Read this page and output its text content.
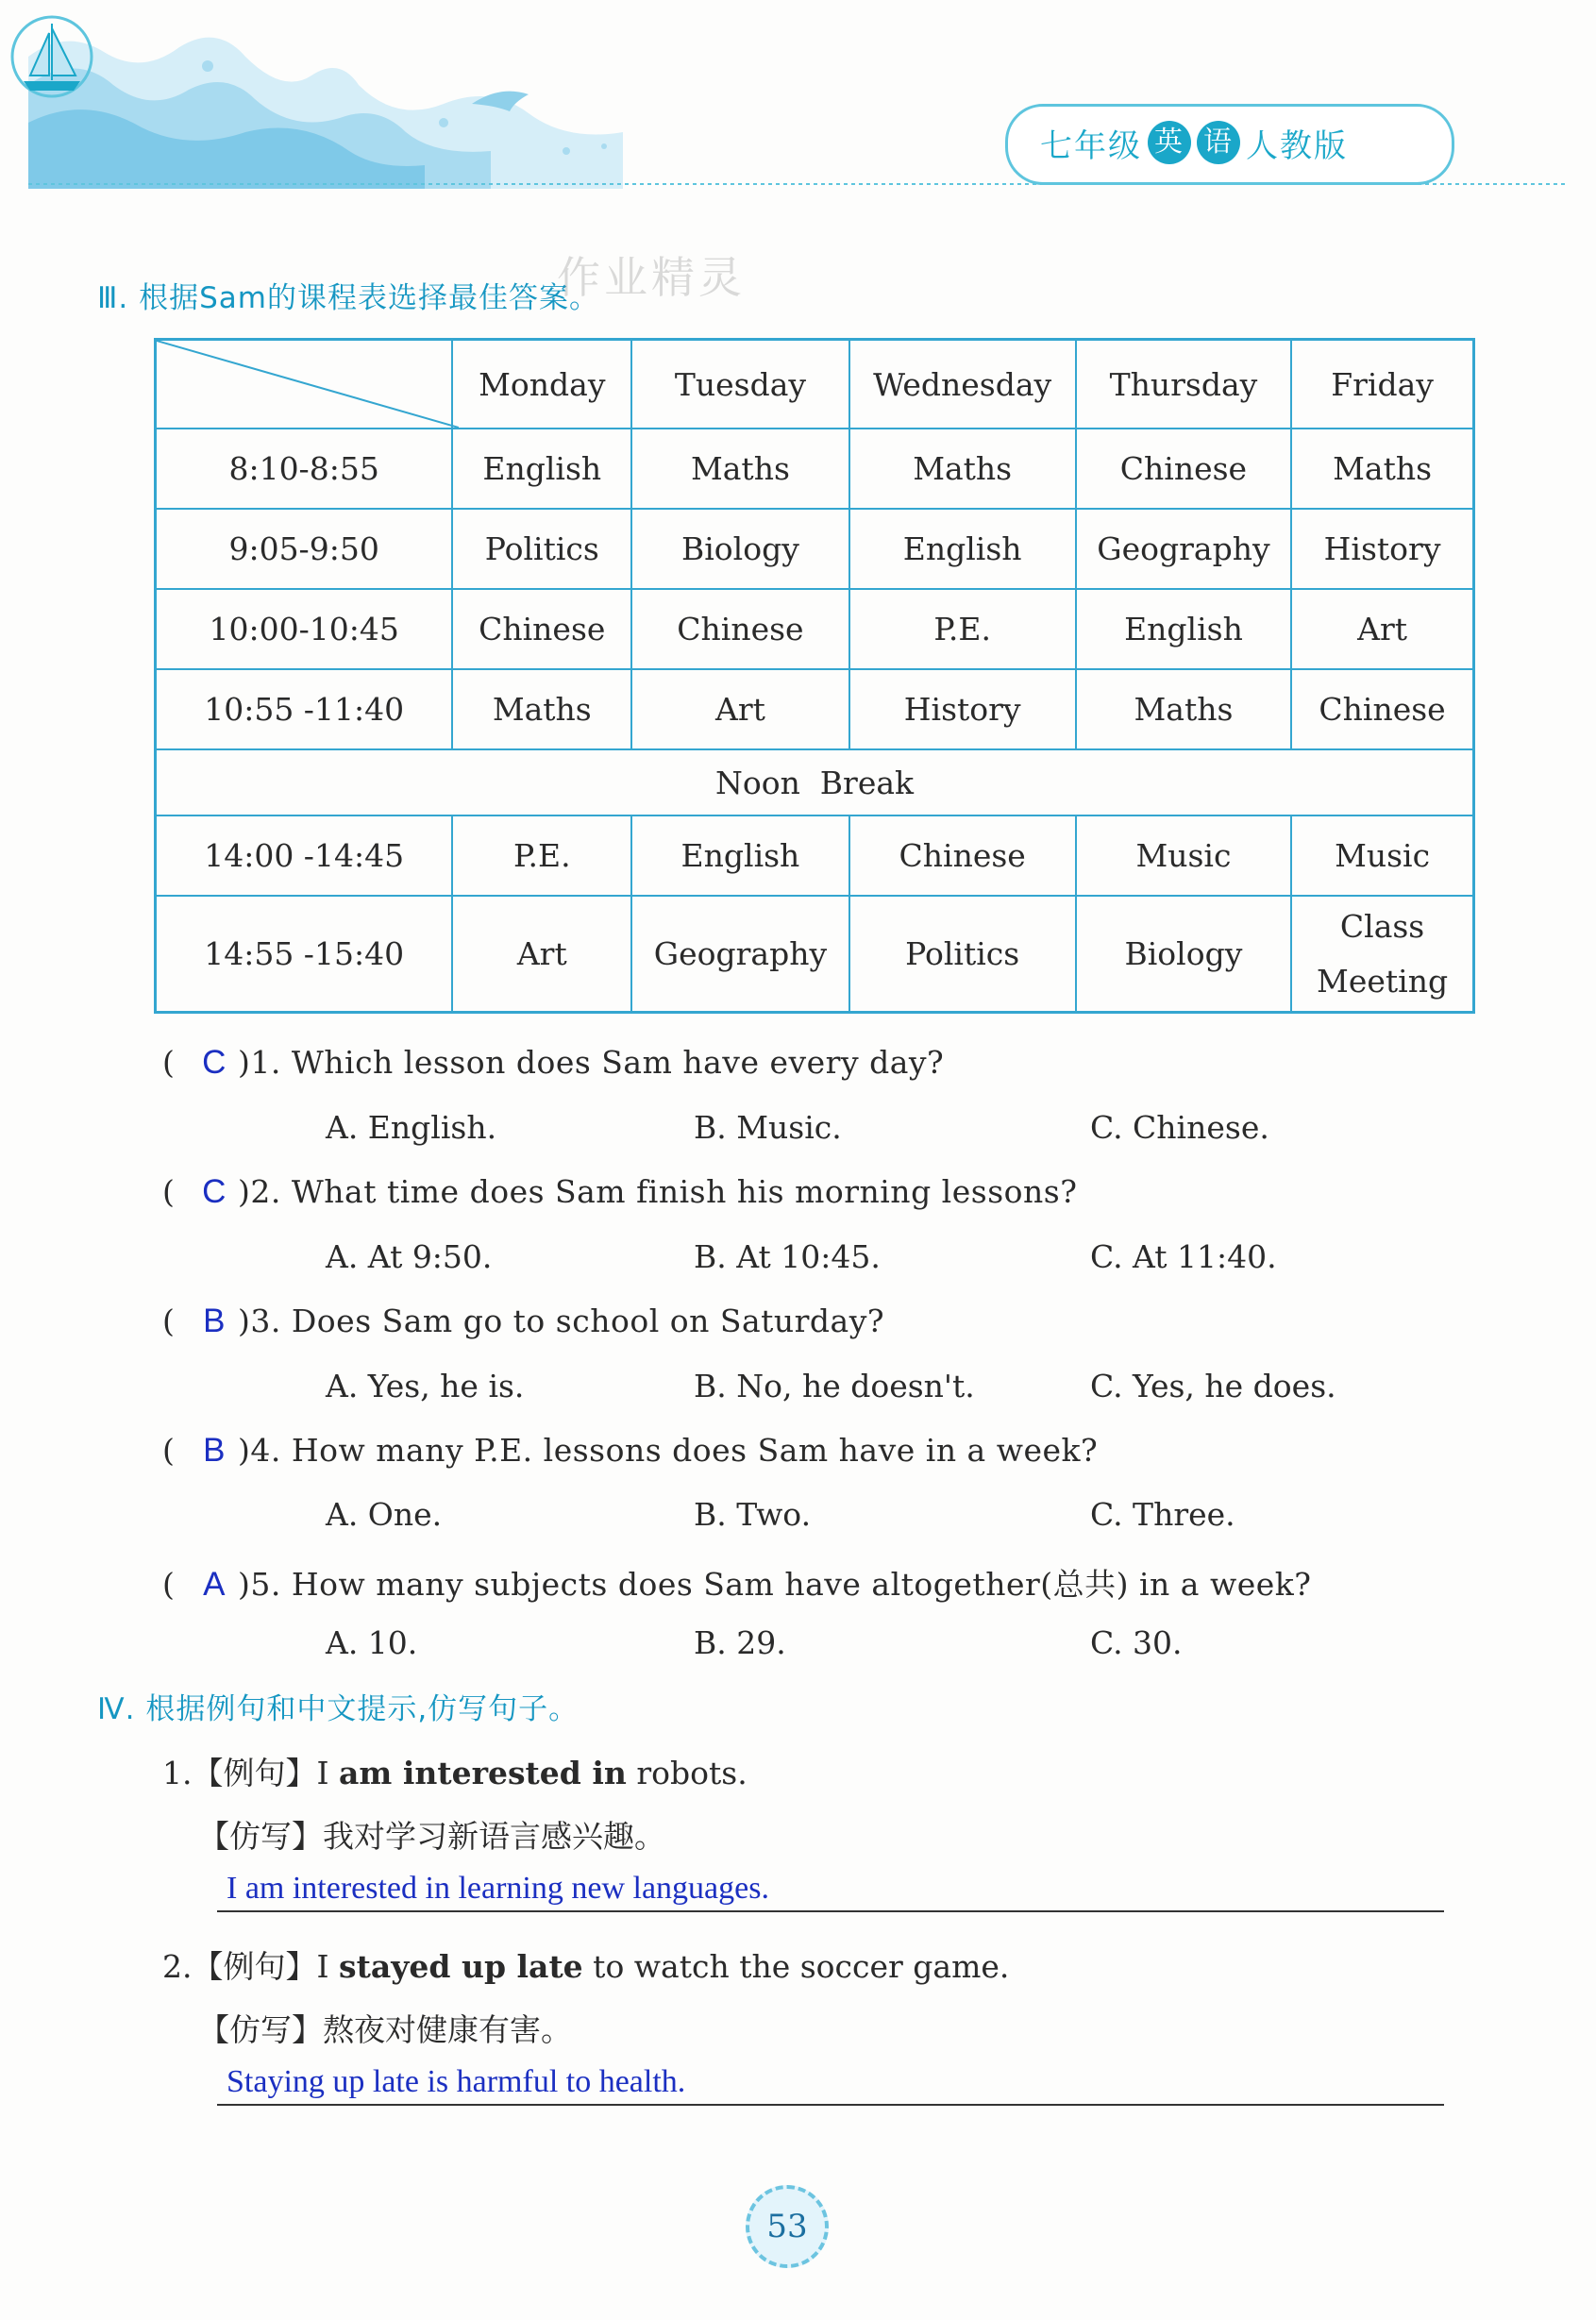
七年级 英 语 人教版
Ⅲ. 根据Sam的课程表选择最佳答案。
作业精灵
	Monday	Tuesday	Wednesday	Thursday	Friday
8:10-8:55	English	Maths	Maths	Chinese	Maths
9:05-9:50	Politics	Biology	English	Geography	History
10:00-10:45	Chinese	Chinese	P.E.	English	Art
10:55 -11:40	Maths	Art	History	Maths	Chinese
Noon  Break					
14:00 -14:45	P.E.	English	Chinese	Music	Music
14:55 -15:40	Art	Geography	Politics	Biology	Class Meeting
( C )1. Which lesson does Sam have every day?
A. English.	B. Music.	C. Chinese.
( C )2. What time does Sam finish his morning lessons?
A. At 9:50.	B. At 10:45.	C. At 11:40.
( B )3. Does Sam go to school on Saturday?
A. Yes, he is.	B. No, he doesn't.	C. Yes, he does.
( B )4. How many P.E. lessons does Sam have in a week?
A. One.	B. Two.	C. Three.
( A )5. How many subjects does Sam have altogether(总共) in a week?
A. 10.	B. 29.	C. 30.
Ⅳ. 根据例句和中文提示,仿写句子。
1.【例句】I am interested in robots.
【仿写】我对学习新语言感兴趣。
I am interested in learning new languages.
2.【例句】I stayed up late to watch the soccer game.
【仿写】熬夜对健康有害。
Staying up late is harmful to health.
53
